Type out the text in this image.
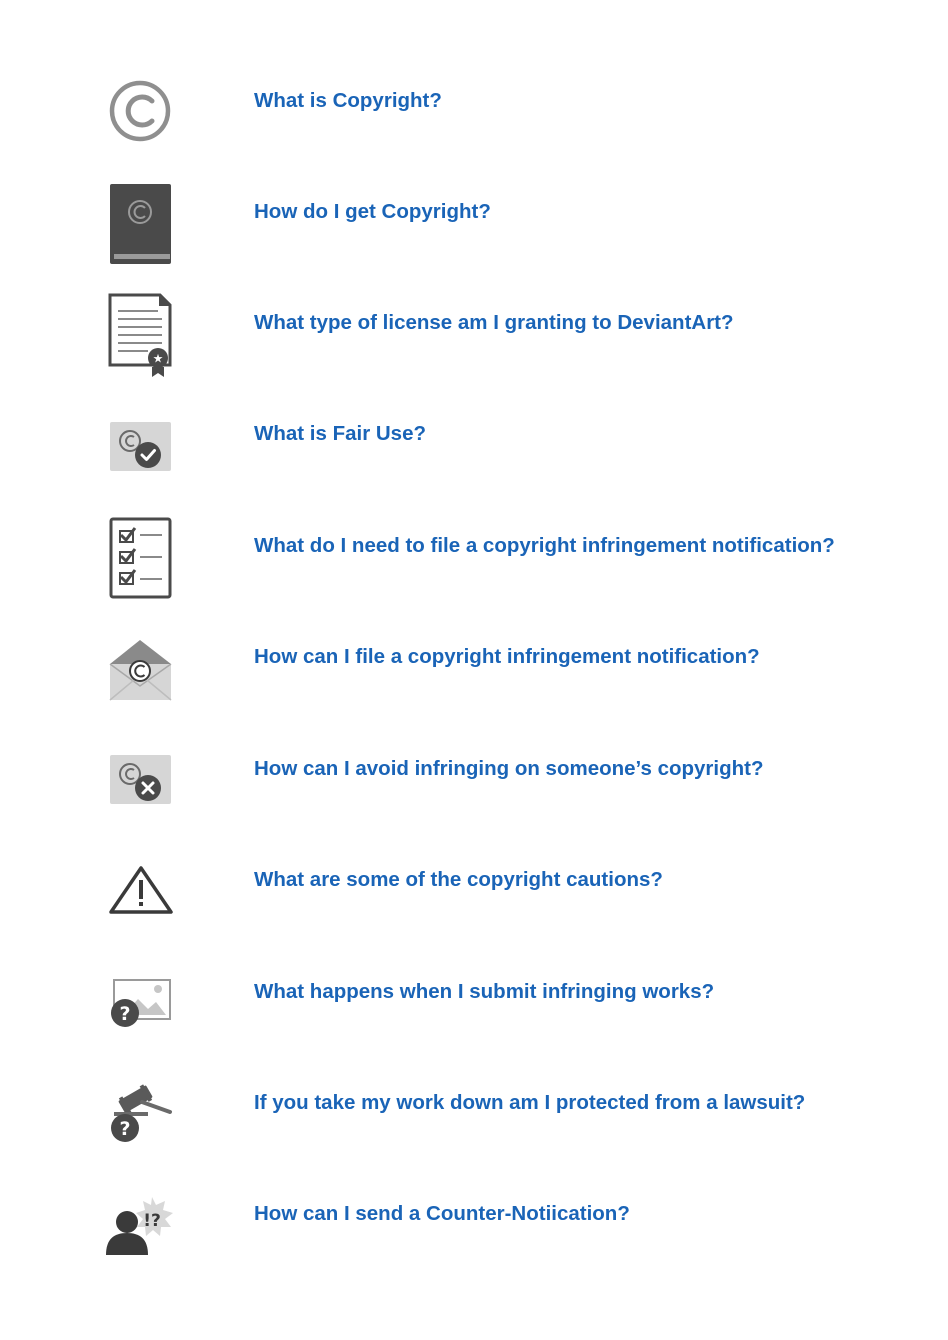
What is Copyright?
How do I get Copyright?
★
What type of license am I granting to DeviantArt?
What is Fair Use?
What do I need to file a copyright infringement notification?
How can I file a copyright infringement notification?
How can I avoid infringing on someone’s copyright?
What are some of the copyright cautions?
?
What happens when I submit infringing works?
?
If you take my work down am I protected from a lawsuit?
!?	How can I send a Counter-Notiication?
